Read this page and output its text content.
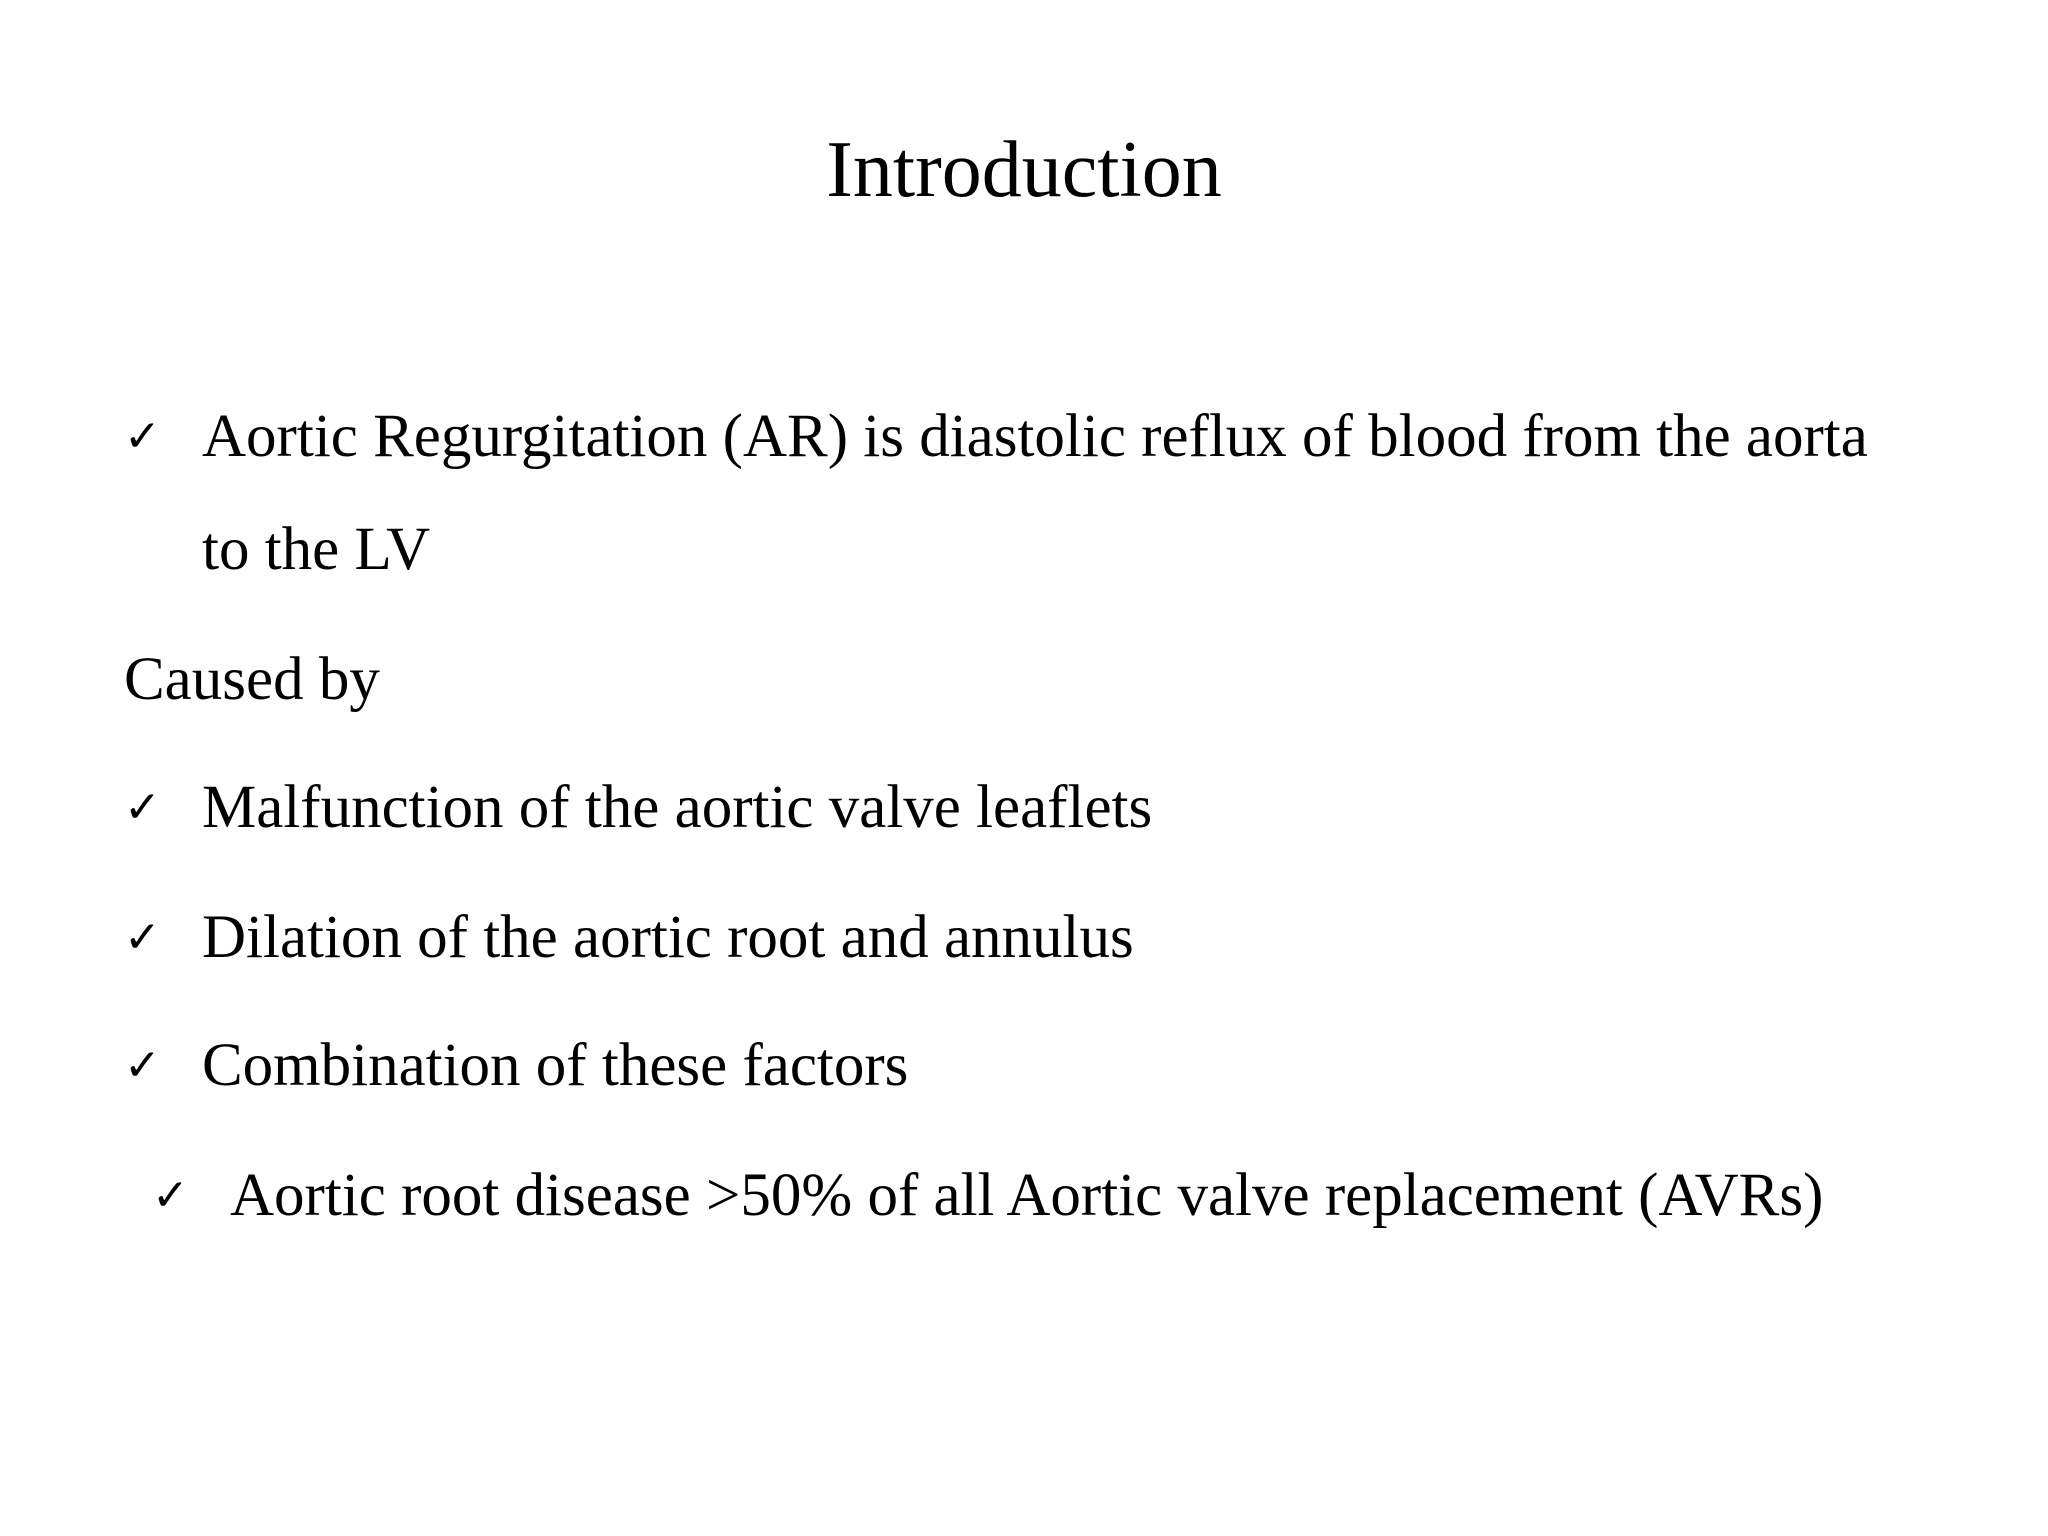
Introduction
✓ Aortic Regurgitation (AR) is diastolic reflux of blood from the aorta
to the LV
Caused by
✓ Malfunction of the aortic valve leaflets
✓ Dilation of the aortic root and annulus
✓ Combination of these factors
✓ Aortic root disease >50% of all Aortic valve replacement (AVRs)
